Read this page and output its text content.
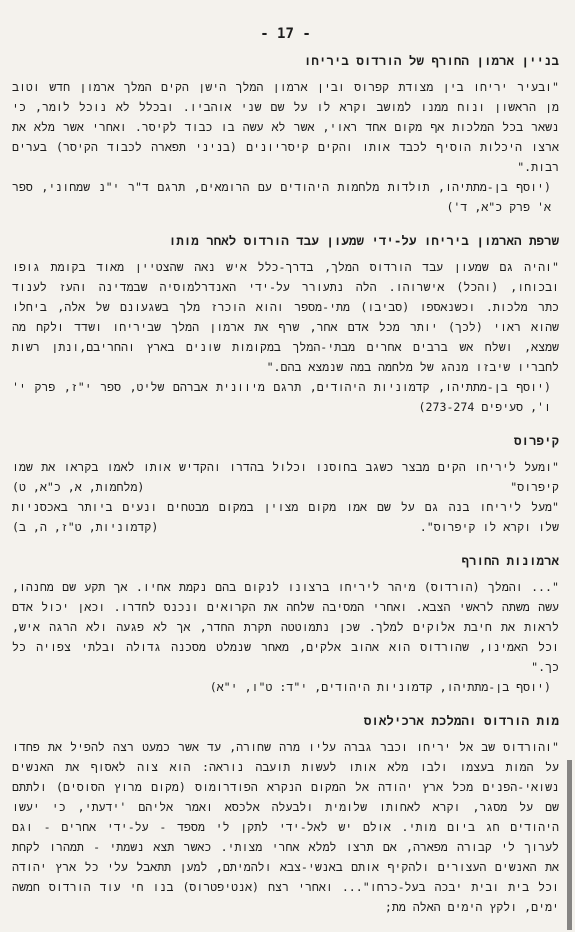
- 17 -
בניין ארמון החורף של הורדוס ביריחו
"ובעיר יריחו בין מצודת קפרוס ובין ארמון המלך הישן הקים המלך ארמון חדש וטוב
מן הראשון ונוח ממנו למושב וקרא לו על שם שני אוהביו. ובכלל לא נוכל לומר, כי
נשאר בכל המלכות אף מקום אחד ראוי, אשר לא עשה בו כבוד לקיסר. ואחרי אשר מלא את
ארצו היכלות הוסיף לכבד אותו והקים קיסריונים (בניני תפארה לכבוד הקיסר) בערים
רבות."
(יוסף בן-מתתיהו, תולדות מלחמות היהודים עם הרומאים, תרגם ד"ר י"נ שמחוני, ספר
א' פרק כ"א, ד')
שרפת הארמון ביריחו על-ידי שמעון עבד הורדוס לאחר מותו
"והיה גם שמעון עבד הורדוס המלך, בדרך-כלל איש נאה שהצטיין מאוד בקומת גופו
ובכוחו, (והכל) אישרוהו. הלה נתעורר על-ידי האנדרלמוסיה שבמדינה והעז לענוד
כתר מלכות. וכשנאספו (סביבו) מתי-מספר והוא הוכרז מלך בשגעונם של אלה, ביחלו
שהוא ראוי (לכך) יותר מכל אדם אחר, שרף את ארמון המלך שביריחו ושדד ולקח מה
שמצא, ושלח אש ברבים אחרים מבתי-המלך במקומות שונים בארץ והחריבם,ונתן רשות
לחבריו שיבזו מנהג של מלחמה במה שנמצא בהם."
(יוסף בן-מתתיהו, קדמוניות היהודים, תרגם מיוונית אברהם שליט, ספר י"ז, פרק י'
ו', סעיפים 273-274)
קיפרוס
"ומעל ליריחו הקים מבצר כשגב בחוסנו וכלול בהדרו והקדיש אותו לאמו בקראו את שמו
קיפרוס"
(מלחמות, א, כ"א, ט)
"מעל ליריחו בנה גם על שם אמו מקום מצוין במקום מבטחים ונעים ביותר באכסניות
שלו וקרא לו קיפרוס".
(קדמוניות, ט"ז, ה, ב)
ארמונות החורף
"... והמלך (הורדוס) מיהר ליריחו ברצונו לנקום בהם נקמת אחיו. אך תקע שם מחנהו,
עשה משתה לראשי הצבא. ואחרי המסיבה שלחה את הקרואים ונכנס לחדרו. וכאן יכול אדם
לראות את חיבת אלוקים למלך. שכן נתמוטטה תקרת החדר, אך לא פגעה ולא הרגה איש,
וכל האמינו, שהורדוס הוא אהוב אלקים, מאחר שנמלט מסכנה גדולה ובלתי צפויה כל
כך."
(יוסף בן-מתתיהו, קדמוניות היהודים, י"ד: ט"ו, י"א)
מות הורדוס והמלכת ארכילאוס
"והורדוס שב אל יריחו וכבר גברה עליו מרה שחורה, עד אשר כמעט רצה להפיל את פחדו
על המות בעצמו ולבו מלא אותו לעשות תועבה נוראה: הוא צוה לאסוף את האנשים
נשואי-הפנים מכל ארץ יהודה אל המקום הנקרא הפודרומוס (מקום מרוץ הסוסים) ולתתם
שם על מסגר, וקרא לאחותו שלומית ולבעלה אלכסא ואמר אליהם 'ידעתי, כי יעשו
היהודים חג ביום מותי. אולם יש לאל-ידי לתקן לי מספד - על-ידי אחרים - וגם
לערוך לי קבורה מפארה, אם תרצו למלא אחרי מצותי. כאשר תצא נשמתי - תמהרו לקחת
את האנשים העצורים ולהקיף אותם באנשי-צבא ולהמיתם, למען תתאבל עלי כל ארץ יהודה
וכל בית ובית יבכה בעל-כרחו"... ואחרי רצח (אנטיפטרוס) בנו חי עוד הורדוס חמשה
ימים, ולקץ הימים האלה מת;
